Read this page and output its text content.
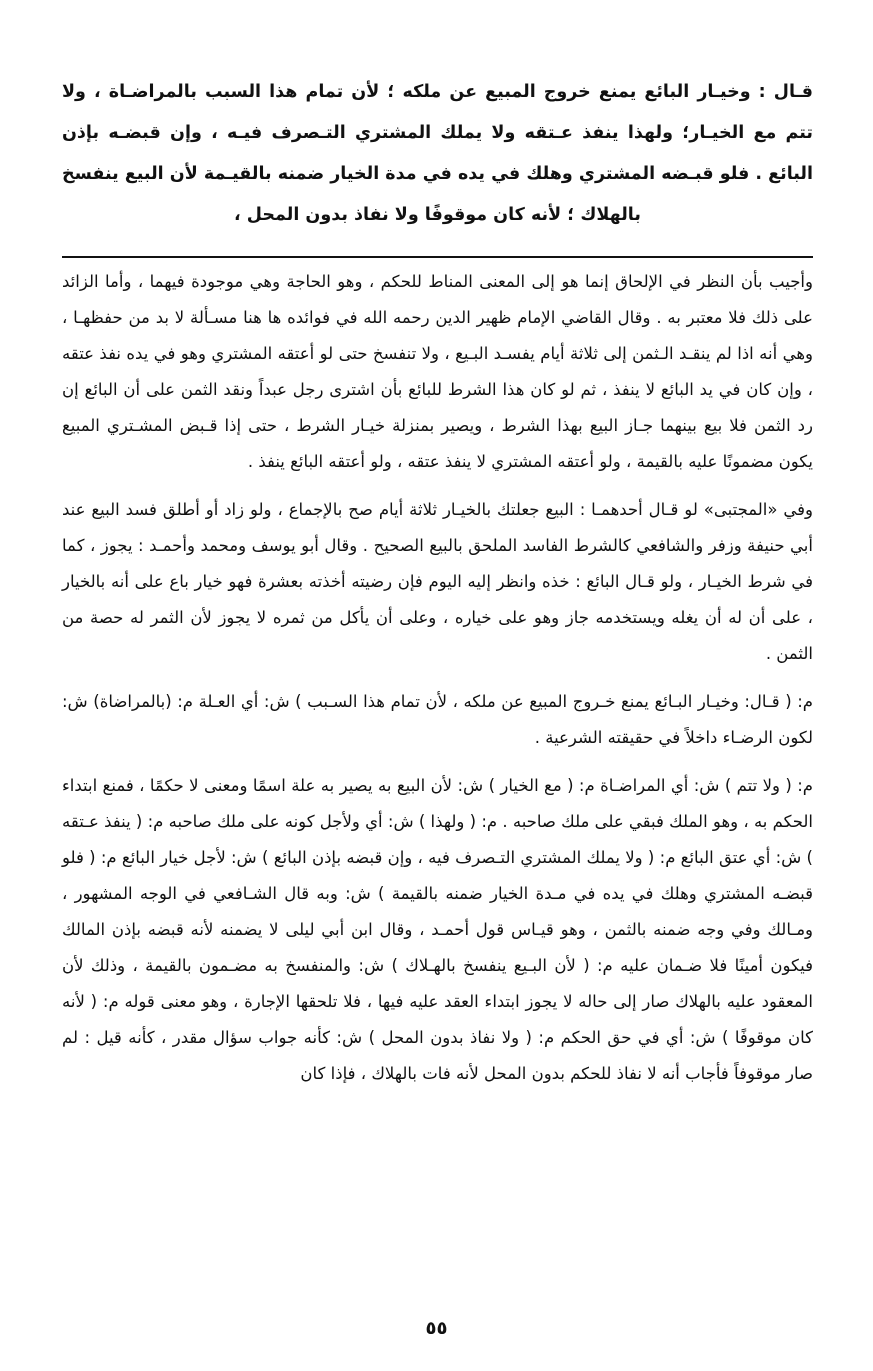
قـال : وخيـار البائع يمنع خروج المبيع عن ملكه ؛ لأن تمام هذا السبب بالمراضـاة ، ولا تتم مع الخيـار؛ ولهذا ينفذ عـتقه ولا يملك المشتري التـصرف فيـه ، وإن قبضـه بإذن البائع . فلو قبـضه المشتري وهلك في يده في مدة الخيار ضمنه بالقيـمة لأن البيع ينفسخ بالهلاك ؛ لأنه كان موقوفًا ولا نفاذ بدون المحل ،

وأجيب بأن النظر في الإلحاق إنما هو إلى المعنى المناط للحكم ، وهو الحاجة وهي موجودة فيهما ، وأما الزائد على ذلك فلا معتبر به . وقال القاضي الإمام ظهير الدين رحمه الله في فوائده ها هنا مسـألة لا بد من حفظهـا ، وهي أنه اذا لم ينقـد الـثمن إلى ثلاثة أيام يفسـد البـيع ، ولا تنفسخ حتى لو أعتقه المشتري وهو في يده نفذ عتقه ، وإن كان في يد البائع لا ينفذ ، ثم لو كان هذا الشرط للبائع بأن اشترى رجل عبداً ونقد الثمن على أن البائع إن رد الثمن فلا بيع بينهما جـاز البيع بهذا الشرط ، ويصير بمنزلة خيـار الشرط ، حتى إذا قـبض المشـتري المبيع يكون مضمونًا عليه بالقيمة ، ولو أعتقه المشتري لا ينفذ عتقه ، ولو أعتقه البائع ينفذ .

وفي «المجتبى» لو قـال أحدهمـا : البيع جعلتك بالخيـار ثلاثة أيام صح بالإجماع ، ولو زاد أو أطلق فسد البيع عند أبي حنيفة وزفر والشافعي كالشرط الفاسد الملحق بالبيع الصحيح . وقال أبو يوسف ومحمد وأحمـد : يجوز ، كما في شرط الخيـار ، ولو قـال البائع : خذه وانظر إليه اليوم فإن رضيته أخذته بعشرة فهو خيار باع على أنه بالخيار ، على أن له أن يغله ويستخدمه جاز وهو على خياره ، وعلى أن يأكل من ثمره لا يجوز لأن الثمر له حصة من الثمن .

م: ( قـال: وخيـار البـائع يمنع خـروج المبيع عن ملكه ، لأن تمام هذا السـبب ) ش: أي العـلة م: (بالمراضاة) ش: لكون الرضـاء داخلاً في حقيقته الشرعية .

م: ( ولا تتم ) ش: أي المراضـاة م: ( مع الخيار ) ش: لأن البيع به يصير به علة اسمًا ومعنى لا حكمًا ، فمنع ابتداء الحكم به ، وهو الملك فبقي على ملك صاحبه . م: ( ولهذا ) ش: أي ولأجل كونه على ملك صاحبه م: ( ينفذ عـتقه ) ش: أي عتق البائع م: ( ولا يملك المشتري التـصرف فيه ، وإن قبضه بإذن البائع ) ش: لأجل خيار البائع م: ( فلو قبضـه المشتري وهلك في يده في مـدة الخيار ضمنه بالقيمة ) ش: وبه قال الشـافعي في الوجه المشهور ، ومـالك وفي وجه ضمنه بالثمن ، وهو قيـاس قول أحمـد ، وقال ابن أبي ليلى لا يضمنه لأنه قبضه بإذن المالك فيكون أمينًا فلا ضـمان عليه م: ( لأن البـيع ينفسخ بالهـلاك ) ش: والمنفسخ به مضـمون بالقيمة ، وذلك لأن المعقود عليه بالهلاك صار إلى حاله لا يجوز ابتداء العقد عليه فيها ، فلا تلحقها الإجارة ، وهو معنى قوله م: ( لأنه كان موقوفًا ) ش: أي في حق الحكم م: ( ولا نفاذ بدون المحل ) ش: كأنه جواب سؤال مقدر ، كأنه قيل : لم صار موقوفاً فأجاب أنه لا نفاذ للحكم بدون المحل لأنه فات بالهلاك ، فإذا كان

٥٥
